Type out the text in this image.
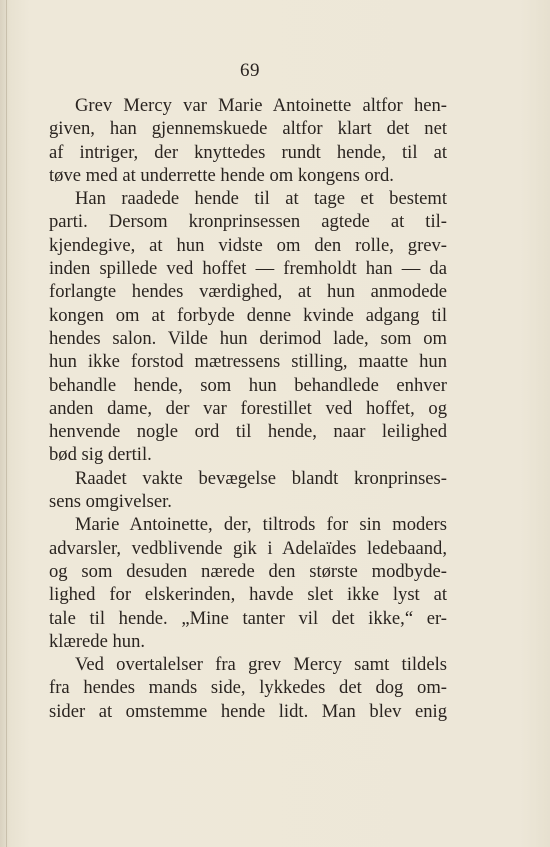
69
Grev Mercy var Marie Antoinette altfor hen-
given, han gjennemskuede altfor klart det net
af intriger, der knyttedes rundt hende, til at
tøve med at underrette hende om kongens ord.
Han raadede hende til at tage et bestemt
parti. Dersom kronprinsessen agtede at til-
kjendegive, at hun vidste om den rolle, grev-
inden spillede ved hoffet — fremholdt han — da
forlangte hendes værdighed, at hun anmodede
kongen om at forbyde denne kvinde adgang til
hendes salon. Vilde hun derimod lade, som om
hun ikke forstod mætressens stilling, maatte hun
behandle hende, som hun behandlede enhver
anden dame, der var forestillet ved hoffet, og
henvende nogle ord til hende, naar leilighed
bød sig dertil.
Raadet vakte bevægelse blandt kronprinses-
sens omgivelser.
Marie Antoinette, der, tiltrods for sin moders
advarsler, vedblivende gik i Adelaïdes ledebaand,
og som desuden nærede den største modbyde-
lighed for elskerinden, havde slet ikke lyst at
tale til hende. „Mine tanter vil det ikke,“ er-
klærede hun.
Ved overtalelser fra grev Mercy samt tildels
fra hendes mands side, lykkedes det dog om-
sider at omstemme hende lidt. Man blev enig
